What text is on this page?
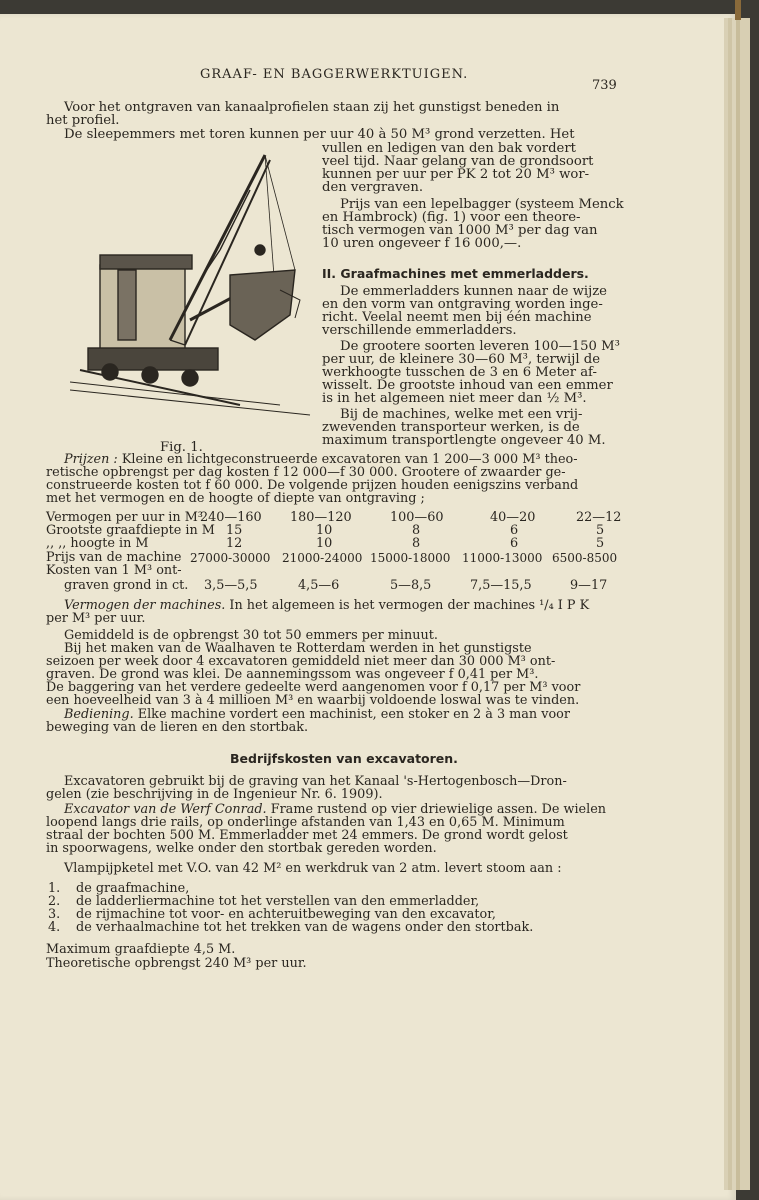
GRAAF- EN BAGGERWERKTUIGEN.
739
Voor het ontgraven van kanaalprofielen staan zij het gunstigst beneden in
het profiel.
De sleepemmers met toren kunnen per uur 40 à 50 M³ grond verzetten. Het
Fig. 1.
vullen en ledigen van den bak vordert
veel tijd. Naar gelang van de grondsoort
kunnen per uur per PK 2 tot 20 M³ wor-
den vergraven.
Prijs van een lepelbagger (systeem Menck
en Hambrock) (fig. 1) voor een theore-
tisch vermogen van 1000 M³ per dag van
10 uren ongeveer f 16 000,—.
II. Graafmachines met emmerladders.
De emmerladders kunnen naar de wijze
en den vorm van ontgraving worden inge-
richt. Veelal neemt men bij één machine
verschillende emmerladders.
De grootere soorten leveren 100—150 M³
per uur, de kleinere 30—60 M³, terwijl de
werkhoogte tusschen de 3 en 6 Meter af-
wisselt. De grootste inhoud van een emmer
is in het algemeen niet meer dan ½ M³.
Bij de machines, welke met een vrij-
zwevenden transporteur werken, is de
maximum transportlengte ongeveer 40 M.
Prijzen : Kleine en lichtgeconstrueerde excavatoren van 1 200—3 000 M³ theo-
retische opbrengst per dag kosten f 12 000—f 30 000. Grootere of zwaarder ge-
construeerde kosten tot f 60 000. De volgende prijzen houden eenigszins verband
met het vermogen en de hoogte of diepte van ontgraving ;
Vermogen per uur in M³
240—160 180—120	100—60	40—20	22—12
Grootste graafdiepte in M 15	10	8	6	5
,, ,, hoogte in M	12	10	8	6	5
Prijs van de machine 27000-30000 21000-24000 15000-18000 11000-13000 6500-8500
Kosten van 1 M³ ont-
graven grond in ct. 3,5—5,5	4,5—6	5—8,5	7,5—15,5	9—17
Vermogen der machines. In het algemeen is het vermogen der machines ¹/₄ I P K
per M³ per uur.
Gemiddeld is de opbrengst 30 tot 50 emmers per minuut.
Bij het maken van de Waalhaven te Rotterdam werden in het gunstigste
seizoen per week door 4 excavatoren gemiddeld niet meer dan 30 000 M³ ont-
graven. De grond was klei. De aannemingssom was ongeveer f 0,41 per M³.
De baggering van het verdere gedeelte werd aangenomen voor f 0,17 per M³ voor
een hoeveelheid van 3 à 4 millioen M³ en waarbij voldoende loswal was te vinden.
Bediening. Elke machine vordert een machinist, een stoker en 2 à 3 man voor
beweging van de lieren en den stortbak.
Bedrijfskosten van excavatoren.
Excavatoren gebruikt bij de graving van het Kanaal 's-Hertogenbosch—Dron-
gelen (zie beschrijving in de Ingenieur Nr. 6. 1909).
Excavator van de Werf Conrad. Frame rustend op vier driewielige assen. De wielen
loopend langs drie rails, op onderlinge afstanden van 1,43 en 0,65 M. Minimum
straal der bochten 500 M. Emmerladder met 24 emmers. De grond wordt gelost
in spoorwagens, welke onder den stortbak gereden worden.
Vlampijpketel met V.O. van 42 M² en werkdruk van 2 atm. levert stoom aan :
1. de graafmachine,
2. de ladderliermachine tot het verstellen van den emmerladder,
3. de rijmachine tot voor- en achteruitbeweging van den excavator,
4. de verhaalmachine tot het trekken van de wagens onder den stortbak.
Maximum graafdiepte 4,5 M.
Theoretische opbrengst 240 M³ per uur.
